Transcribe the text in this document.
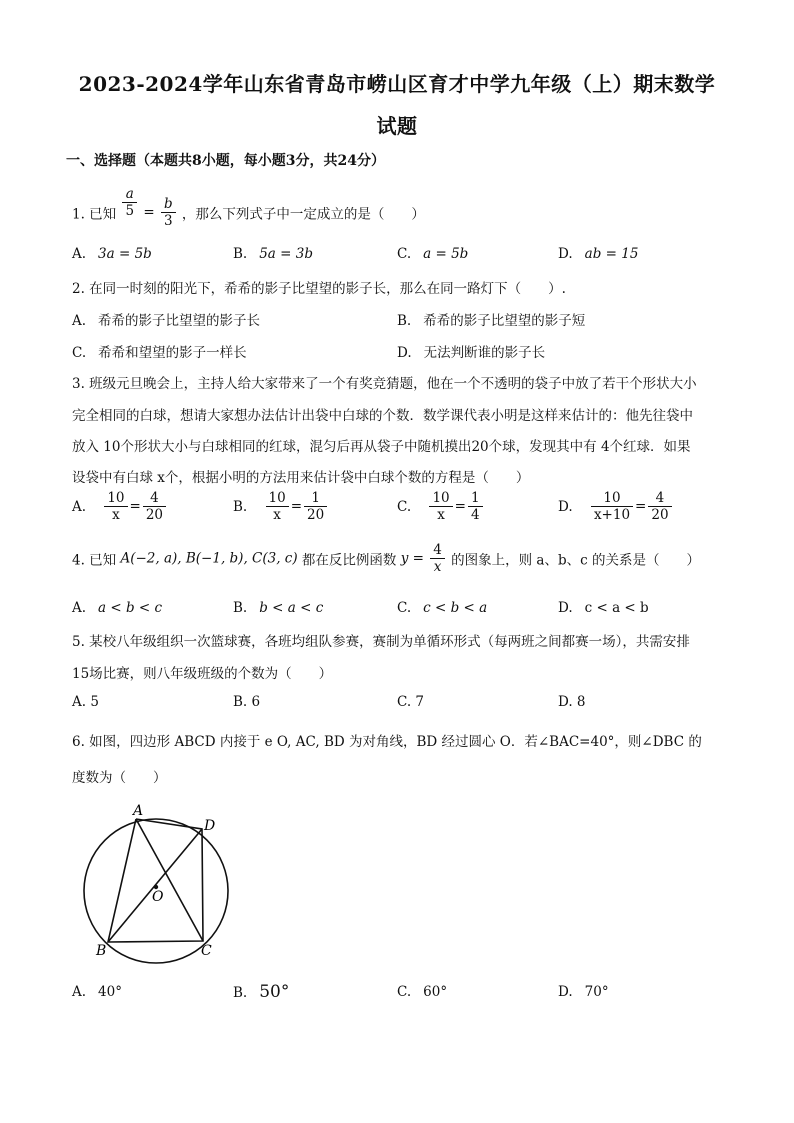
2023-2024学年山东省青岛市崂山区育才中学九年级（上）期末数学
试题
一、选择题（本题共8小题，每小题3分，共24分）
1. 已知 $\frac{a}{5} = \frac{b}{3}$ ，那么下列式子中一定成立的是（　　）
A. 3a = 5b	B. 5a = 3b	C. a = 5b	D. ab = 15
2. 在同一时刻的阳光下，希希的影子比望望的影子长，那么在同一路灯下（　　）.
A. 希希的影子比望望的影子长	B. 希希的影子比望望的影子短
C. 希希和望望的影子一样长	D. 无法判断谁的影子长
3. 班级元旦晚会上，主持人给大家带来了一个有奖竞猜题，他在一个不透明的袋子中放了若干个形状大小
完全相同的白球，想请大家想办法估计出袋中白球的个数．数学课代表小明是这样来估计的：他先往袋中
放入 10个形状大小与白球相同的红球，混匀后再从袋子中随机摸出20个球，发现其中有 4个红球．如果
设袋中有白球 x个，根据小明的方法用来估计袋中白球个数的方程是（　　）
A. $\frac{10}{x} = \frac{4}{20}$	B. $\frac{10}{x} = \frac{1}{20}$	C. $\frac{10}{x} = \frac{1}{4}$	D. $\frac{10}{x+10} = \frac{4}{20}$
4. 已知 A(−2, a), B(−1, b), C(3, c) 都在反比例函数 $y = \frac{4}{x}$ 的图象上，则 a、b、c 的关系是（　　）
A. a < b < c	B. b < a < c	C. c < b < a	D. c < a < b
5. 某校八年级组织一次篮球赛，各班均组队参赛，赛制为单循环形式（每两班之间都赛一场），共需安排
15场比赛，则八年级班级的个数为（　　）
A. 5	B. 6	C. 7	D. 8
6. 如图，四边形 ABCD 内接于 e O, AC, BD 为对角线，BD 经过圆心 O．若∠BAC=40°，则∠DBC 的
度数为（　　）
A
D
O
B	C
A. 40°	B. 50°	C. 60°	D. 70°
